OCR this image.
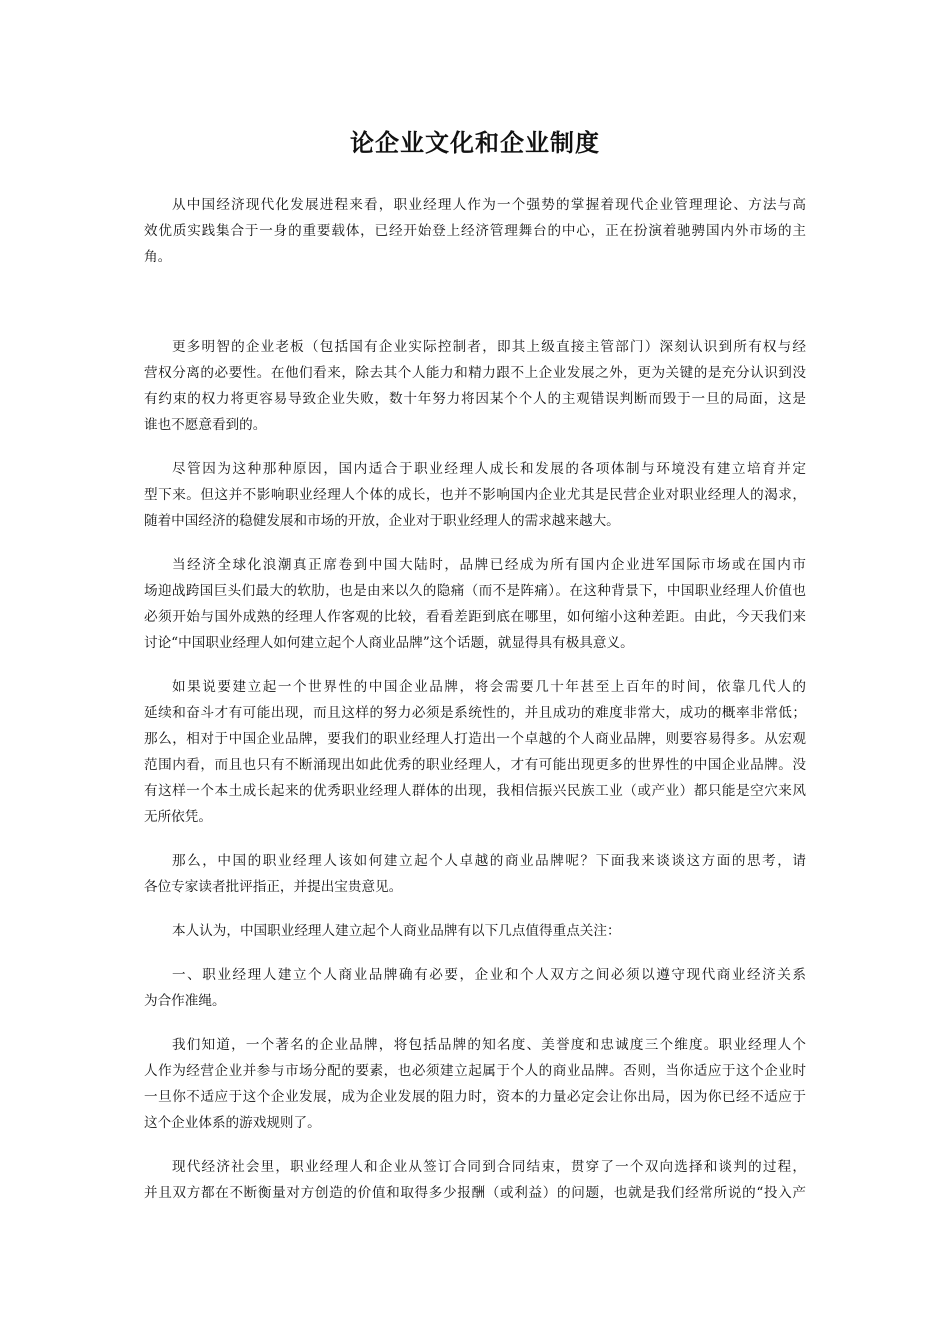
论企业文化和企业制度
从中国经济现代化发展进程来看，职业经理人作为一个强势的掌握着现代企业管理理论、方法与高
效优质实践集合于一身的重要载体，已经开始登上经济管理舞台的中心，正在扮演着驰骋国内外市场的主
角。
更多明智的企业老板（包括国有企业实际控制者，即其上级直接主管部门）深刻认识到所有权与经
营权分离的必要性。在他们看来，除去其个人能力和精力跟不上企业发展之外，更为关键的是充分认识到没
有约束的权力将更容易导致企业失败，数十年努力将因某个个人的主观错误判断而毁于一旦的局面，这是
谁也不愿意看到的。
尽管因为这种那种原因，国内适合于职业经理人成长和发展的各项体制与环境没有建立培育并定
型下来。但这并不影响职业经理人个体的成长，也并不影响国内企业尤其是民营企业对职业经理人的渴求，
随着中国经济的稳健发展和市场的开放，企业对于职业经理人的需求越来越大。
当经济全球化浪潮真正席卷到中国大陆时，品牌已经成为所有国内企业进军国际市场或在国内市
场迎战跨国巨头们最大的软肋，也是由来以久的隐痛（而不是阵痛）。在这种背景下，中国职业经理人价值也
必须开始与国外成熟的经理人作客观的比较，看看差距到底在哪里，如何缩小这种差距。由此，今天我们来
讨论“中国职业经理人如何建立起个人商业品牌”这个话题，就显得具有极具意义。
如果说要建立起一个世界性的中国企业品牌，将会需要几十年甚至上百年的时间，依靠几代人的
延续和奋斗才有可能出现，而且这样的努力必须是系统性的，并且成功的难度非常大，成功的概率非常低；
那么，相对于中国企业品牌，要我们的职业经理人打造出一个卓越的个人商业品牌，则要容易得多。从宏观
范围内看，而且也只有不断涌现出如此优秀的职业经理人，才有可能出现更多的世界性的中国企业品牌。没
有这样一个本土成长起来的优秀职业经理人群体的出现，我相信振兴民族工业（或产业）都只能是空穴来风
无所依凭。
那么，中国的职业经理人该如何建立起个人卓越的商业品牌呢？下面我来谈谈这方面的思考，请
各位专家读者批评指正，并提出宝贵意见。
本人认为，中国职业经理人建立起个人商业品牌有以下几点值得重点关注：
一、职业经理人建立个人商业品牌确有必要，企业和个人双方之间必须以遵守现代商业经济关系
为合作准绳。
我们知道，一个著名的企业品牌，将包括品牌的知名度、美誉度和忠诚度三个维度。职业经理人个
人作为经营企业并参与市场分配的要素，也必须建立起属于个人的商业品牌。否则，当你适应于这个企业时
一旦你不适应于这个企业发展，成为企业发展的阻力时，资本的力量必定会让你出局，因为你已经不适应于
这个企业体系的游戏规则了。
现代经济社会里，职业经理人和企业从签订合同到合同结束，贯穿了一个双向选择和谈判的过程，
并且双方都在不断衡量对方创造的价值和取得多少报酬（或利益）的问题，也就是我们经常所说的“投入产
